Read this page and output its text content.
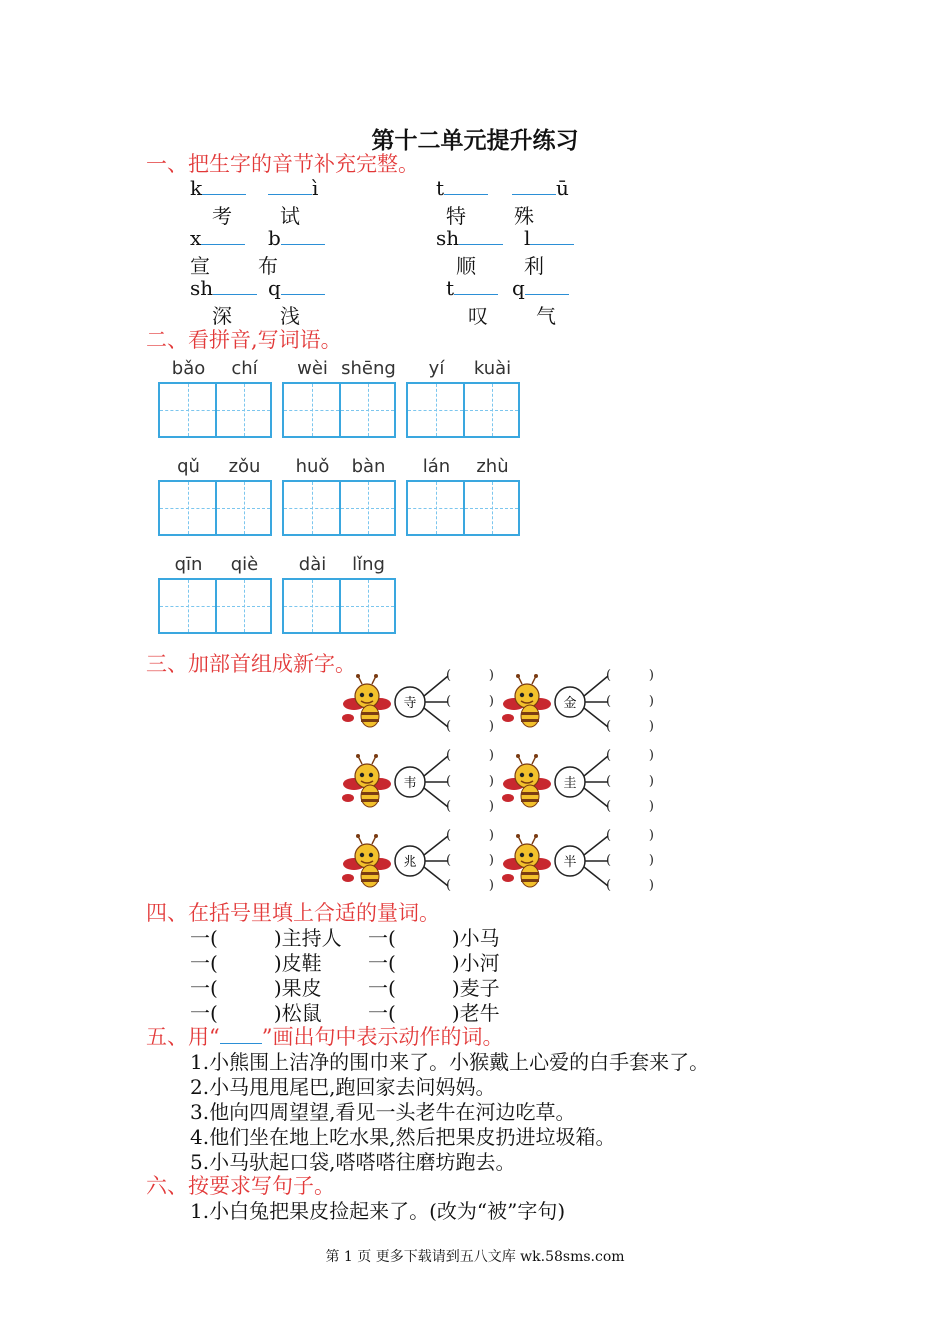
第十二单元提升练习
一、把生字的音节补充完整。
k	ì	t	ū
考 试	特 殊
x	b	sh	l
宣 布	顺 利
sh	q	t	q
深 浅	叹 气
二、看拼音,写词语。
bǎo	chí	wèi shēng	yí	kuài
qǔ	zǒu	huǒ	bàn	lán	zhù
qīn	qiè	dài	lǐng
三、加部首组成新字。
寺
韦
兆
金
圭
半
(	)
(	)
(	)
(	)
(	)
(	)
(	)
(	)
(	)
(	)
(	)
(	)
(	)
(	)
(	)
(	)
(	)
(	)
四、在括号里填上合适的量词。
一(	)主持人 一(	)小马
一(	)皮鞋 一(	)小河
一(	)果皮 一(	)麦子
一(	)松鼠 一(	)老牛
五、用“ ”画出句中表示动作的词。
1.小熊围上洁净的围巾来了。小猴戴上心爱的白手套来了。
2.小马甩甩尾巴,跑回家去问妈妈。
3.他向四周望望,看见一头老牛在河边吃草。
4.他们坐在地上吃水果,然后把果皮扔进垃圾箱。
5.小马驮起口袋,嗒嗒嗒往磨坊跑去。
六、按要求写句子。
1.小白兔把果皮捡起来了。(改为“被”字句)
第 1 页 更多下载请到五八文库 wk.58sms.com
